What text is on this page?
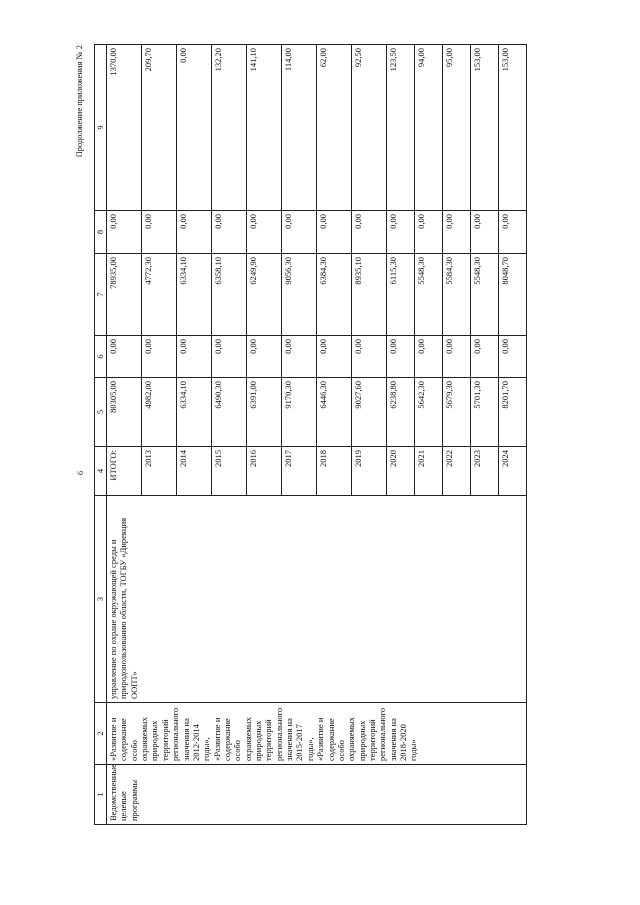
Продолжение приложения № 2
6
1	2	3	4	5	6	7	8	9
Ведомственные целевые программы	«Развитие и содержание особо охраняемых природных территорий регионального значения на 2012-2014 годы», «Развитие и содержание особо охраняемых природных территорий регионального значения на 2015-2017 годы», «Развитие и содержание особо охраняемых природных территорий регионального значения на 2018-2020 годы»	управление по охране окружающей среды и природопользованию области, ТОГБУ «Дирекция ООПТ»	ИТОГО:	80305,00	0,00	78935,00	0,00	1370,00
			2013	4982,00	0,00	4772,30	0,00	209,70
			2014	6334,10	0,00	6334,10	0,00	0,00
			2015	6490,30	0,00	6358,10	0,00	132,20
			2016	6391,00	0,00	6249,90	0,00	141,10
			2017	9170,30	0,00	9056,30	0,00	114,00
			2018	6446,30	0,00	6384,30	0,00	62,00
			2019	9027,60	0,00	8935,10	0,00	92,50
			2020	6238,80	0,00	6115,30	0,00	123,50
			2021	5642,30	0,00	5548,30	0,00	94,00
			2022	5679,30	0,00	5584,30	0,00	95,00
			2023	5701,30	0,00	5548,30	0,00	153,00
			2024	8201,70	0,00	8048,70	0,00	153,00
